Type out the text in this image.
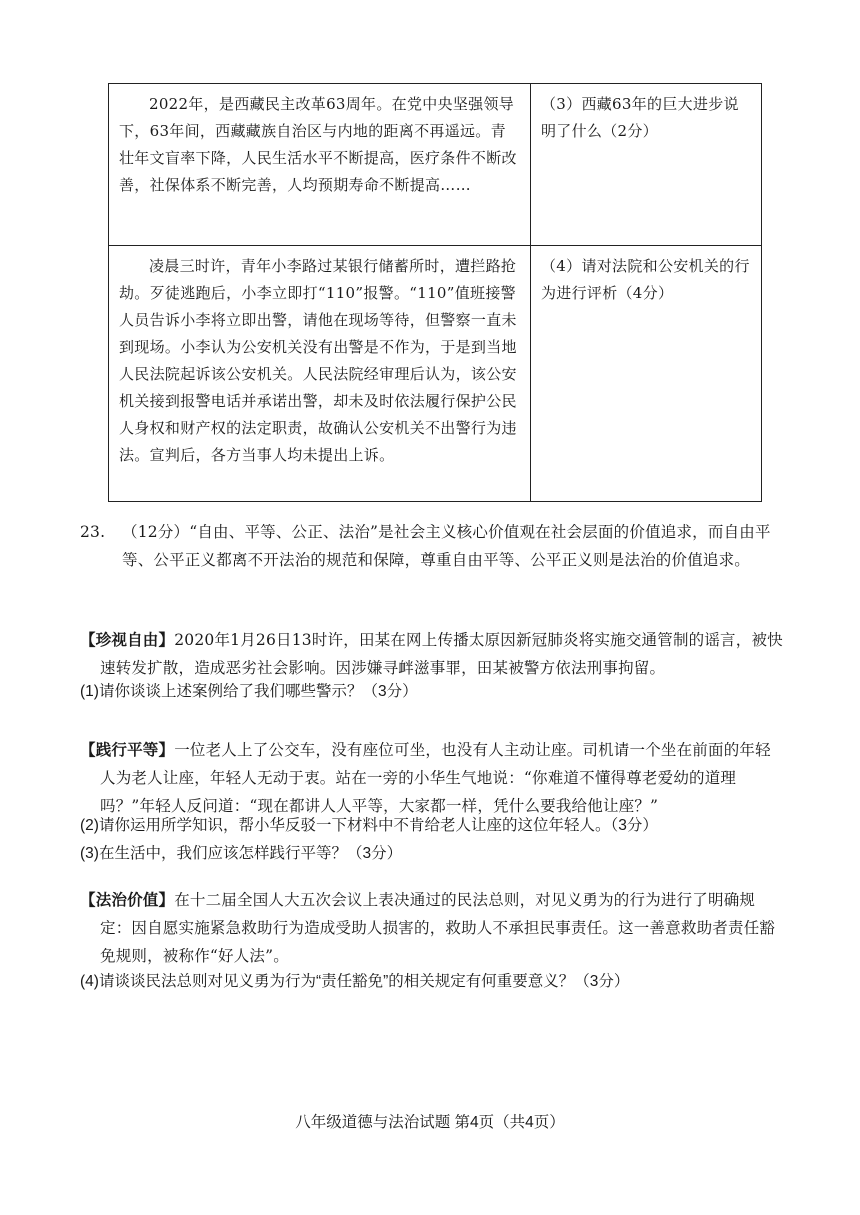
2022年，是西藏民主改革63周年。在党中央坚强领导下，63年间，西藏藏族自治区与内地的距离不再遥远。青壮年文盲率下降，人民生活水平不断提高，医疗条件不断改善，社保体系不断完善，人均预期寿命不断提高……	（3）西藏63年的巨大进步说明了什么（2分）
凌晨三时许，青年小李路过某银行储蓄所时，遭拦路抢劫。歹徒逃跑后，小李立即打“110”报警。“110”值班接警人员告诉小李将立即出警，请他在现场等待，但警察一直未到现场。小李认为公安机关没有出警是不作为，于是到当地人民法院起诉该公安机关。人民法院经审理后认为，该公安机关接到报警电话并承诺出警，却未及时依法履行保护公民人身权和财产权的法定职责，故确认公安机关不出警行为违法。宣判后，各方当事人均未提出上诉。	（4）请对法院和公安机关的行为进行评析（4分）
23. （12分）“自由、平等、公正、法治”是社会主义核心价值观在社会层面的价值追求，而自由平等、公平正义都离不开法治的规范和保障，尊重自由平等、公平正义则是法治的价值追求。
【珍视自由】2020年1月26日13时许，田某在网上传播太原因新冠肺炎将实施交通管制的谣言，被快速转发扩散，造成恶劣社会影响。因涉嫌寻衅滋事罪，田某被警方依法刑事拘留。
(1)请你谈谈上述案例给了我们哪些警示？（3分）
【践行平等】一位老人上了公交车，没有座位可坐，也没有人主动让座。司机请一个坐在前面的年轻人为老人让座，年轻人无动于衷。站在一旁的小华生气地说：“你难道不懂得尊老爱幼的道理吗？”年轻人反问道：“现在都讲人人平等，大家都一样，凭什么要我给他让座？”
(2)请你运用所学知识，帮小华反驳一下材料中不肯给老人让座的这位年轻人。（3分）
(3)在生活中，我们应该怎样践行平等？（3分）
【法治价值】在十二届全国人大五次会议上表决通过的民法总则，对见义勇为的行为进行了明确规定：因自愿实施紧急救助行为造成受助人损害的，救助人不承担民事责任。这一善意救助者责任豁免规则，被称作“好人法”。
(4)请谈谈民法总则对见义勇为行为“责任豁免”的相关规定有何重要意义？（3分）
八年级道德与法治试题 第4页（共4页）
